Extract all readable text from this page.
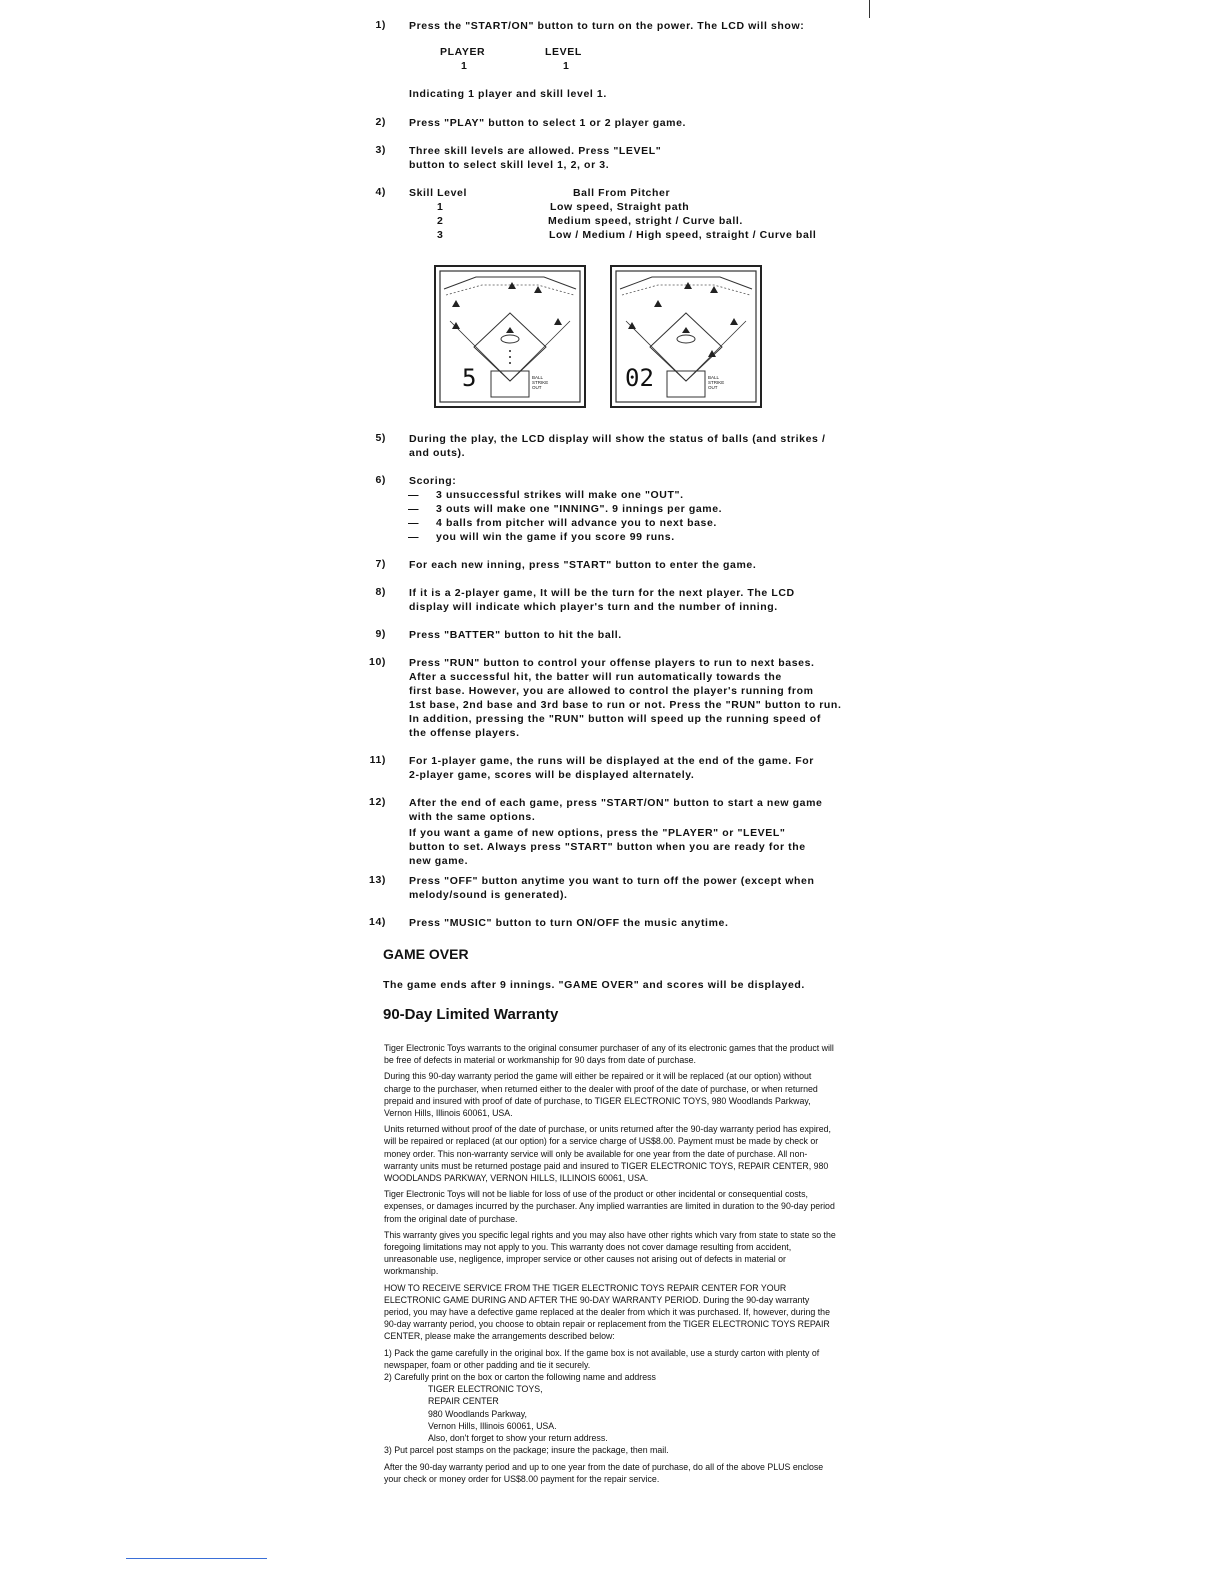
1) Press the "START/ON" button to turn on the power. The LCD will show:
PLAYER	LEVEL
1	1
Indicating 1 player and skill level 1.
2) Press "PLAY" button to select 1 or 2 player game.
3) Three skill levels are allowed. Press "LEVEL"
button to select skill level 1, 2, or 3.
4) Skill Level	Ball From Pitcher
1	Low speed, Straight path
2	Medium speed, stright / Curve ball.
3	Low / Medium / High speed, straight / Curve ball
5	BALL
STRIKE
OUT	02	BALL
STRIKE
OUT
5) During the play, the LCD display will show the status of balls (and strikes /
and outs).
6) Scoring:
— 3 unsuccessful strikes will make one "OUT".
— 3 outs will make one "INNING". 9 innings per game.
— 4 balls from pitcher will advance you to next base.
— you will win the game if you score 99 runs.
7) For each new inning, press "START" button to enter the game.
8) If it is a 2-player game, It will be the turn for the next player. The LCD
display will indicate which player's turn and the number of inning.
9) Press "BATTER" button to hit the ball.
10) Press "RUN" button to control your offense players to run to next bases.
After a successful hit, the batter will run automatically towards the
first base. However, you are allowed to control the player's running from
1st base, 2nd base and 3rd base to run or not. Press the "RUN" button to run.
In addition, pressing the "RUN" button will speed up the running speed of
the offense players.
11) For 1-player game, the runs will be displayed at the end of the game. For
2-player game, scores will be displayed alternately.
12) After the end of each game, press "START/ON" button to start a new game
with the same options.
If you want a game of new options, press the "PLAYER" or "LEVEL"
button to set. Always press "START" button when you are ready for the
new game.
13) Press "OFF" button anytime you want to turn off the power (except when
melody/sound is generated).
14) Press "MUSIC" button to turn ON/OFF the music anytime.
GAME OVER
The game ends after 9 innings. "GAME OVER" and scores will be displayed.
90-Day Limited Warranty

Tiger Electronic Toys warrants to the original consumer purchaser of any of its electronic games that the product will be free of defects in material or workmanship for 90 days from date of purchase.

During this 90-day warranty period the game will either be repaired or it will be replaced (at our option) without charge to the purchaser, when returned either to the dealer with proof of the date of purchase, or when returned prepaid and insured with proof of date of purchase, to TIGER ELECTRONIC TOYS, 980 Woodlands Parkway, Vernon Hills, Illinois 60061, USA.

Units returned without proof of the date of purchase, or units returned after the 90-day warranty period has expired, will be repaired or replaced (at our option) for a service charge of US$8.00. Payment must be made by check or money order. This non-warranty service will only be available for one year from the date of purchase. All non-warranty units must be returned postage paid and insured to TIGER ELECTRONIC TOYS, REPAIR CENTER, 980 WOODLANDS PARKWAY, VERNON HILLS, ILLINOIS 60061, USA.

Tiger Electronic Toys will not be liable for loss of use of the product or other incidental or consequential costs, expenses, or damages incurred by the purchaser. Any implied warranties are limited in duration to the 90-day period from the original date of purchase.

This warranty gives you specific legal rights and you may also have other rights which vary from state to state so the foregoing limitations may not apply to you. This warranty does not cover damage resulting from accident, unreasonable use, negligence, improper service or other causes not arising out of defects in material or workmanship.

HOW TO RECEIVE SERVICE FROM THE TIGER ELECTRONIC TOYS REPAIR CENTER FOR YOUR ELECTRONIC GAME DURING AND AFTER THE 90-DAY WARRANTY PERIOD. During the 90-day warranty period, you may have a defective game replaced at the dealer from which it was purchased. If, however, during the 90-day warranty period, you choose to obtain repair or replacement from the TIGER ELECTRONIC TOYS REPAIR CENTER, please make the arrangements described below:

1) Pack the game carefully in the original box. If the game box is not available, use a sturdy carton with plenty of newspaper, foam or other padding and tie it securely.
2) Carefully print on the box or carton the following name and address
TIGER ELECTRONIC TOYS,
REPAIR CENTER
980 Woodlands Parkway,
Vernon Hills, Illinois 60061, USA.
Also, don't forget to show your return address.

3) Put parcel post stamps on the package; insure the package, then mail.

After the 90-day warranty period and up to one year from the date of purchase, do all of the above PLUS enclose your check or money order for US$8.00 payment for the repair service.
